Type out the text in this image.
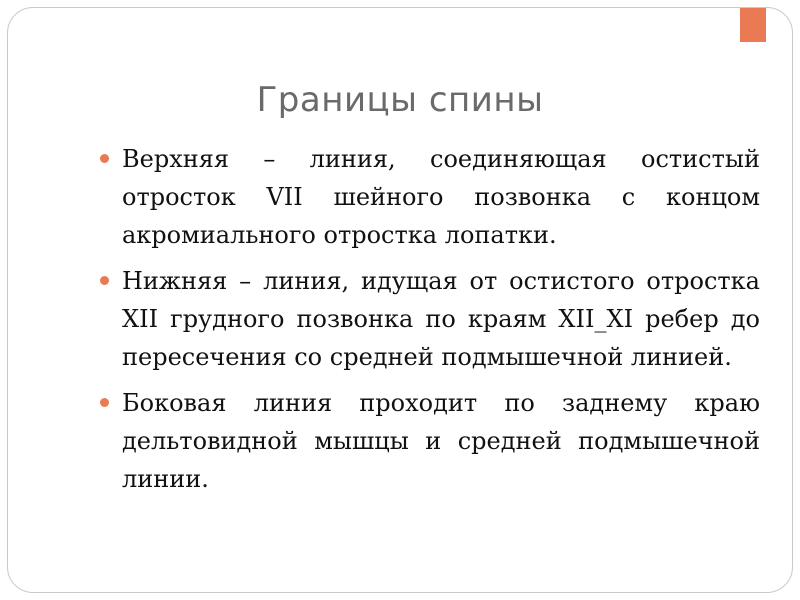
Границы спины
Верхняя – линия, соединяющая остистый отросток VII шейного позвонка с концом акромиального отростка лопатки.
Нижняя – линия, идущая от остистого отростка XII грудного позвонка по краям XII_XI ребер до пересечения со средней подмышечной линией.
Боковая линия проходит по заднему краю дельтовидной мышцы и средней подмышечной линии.
